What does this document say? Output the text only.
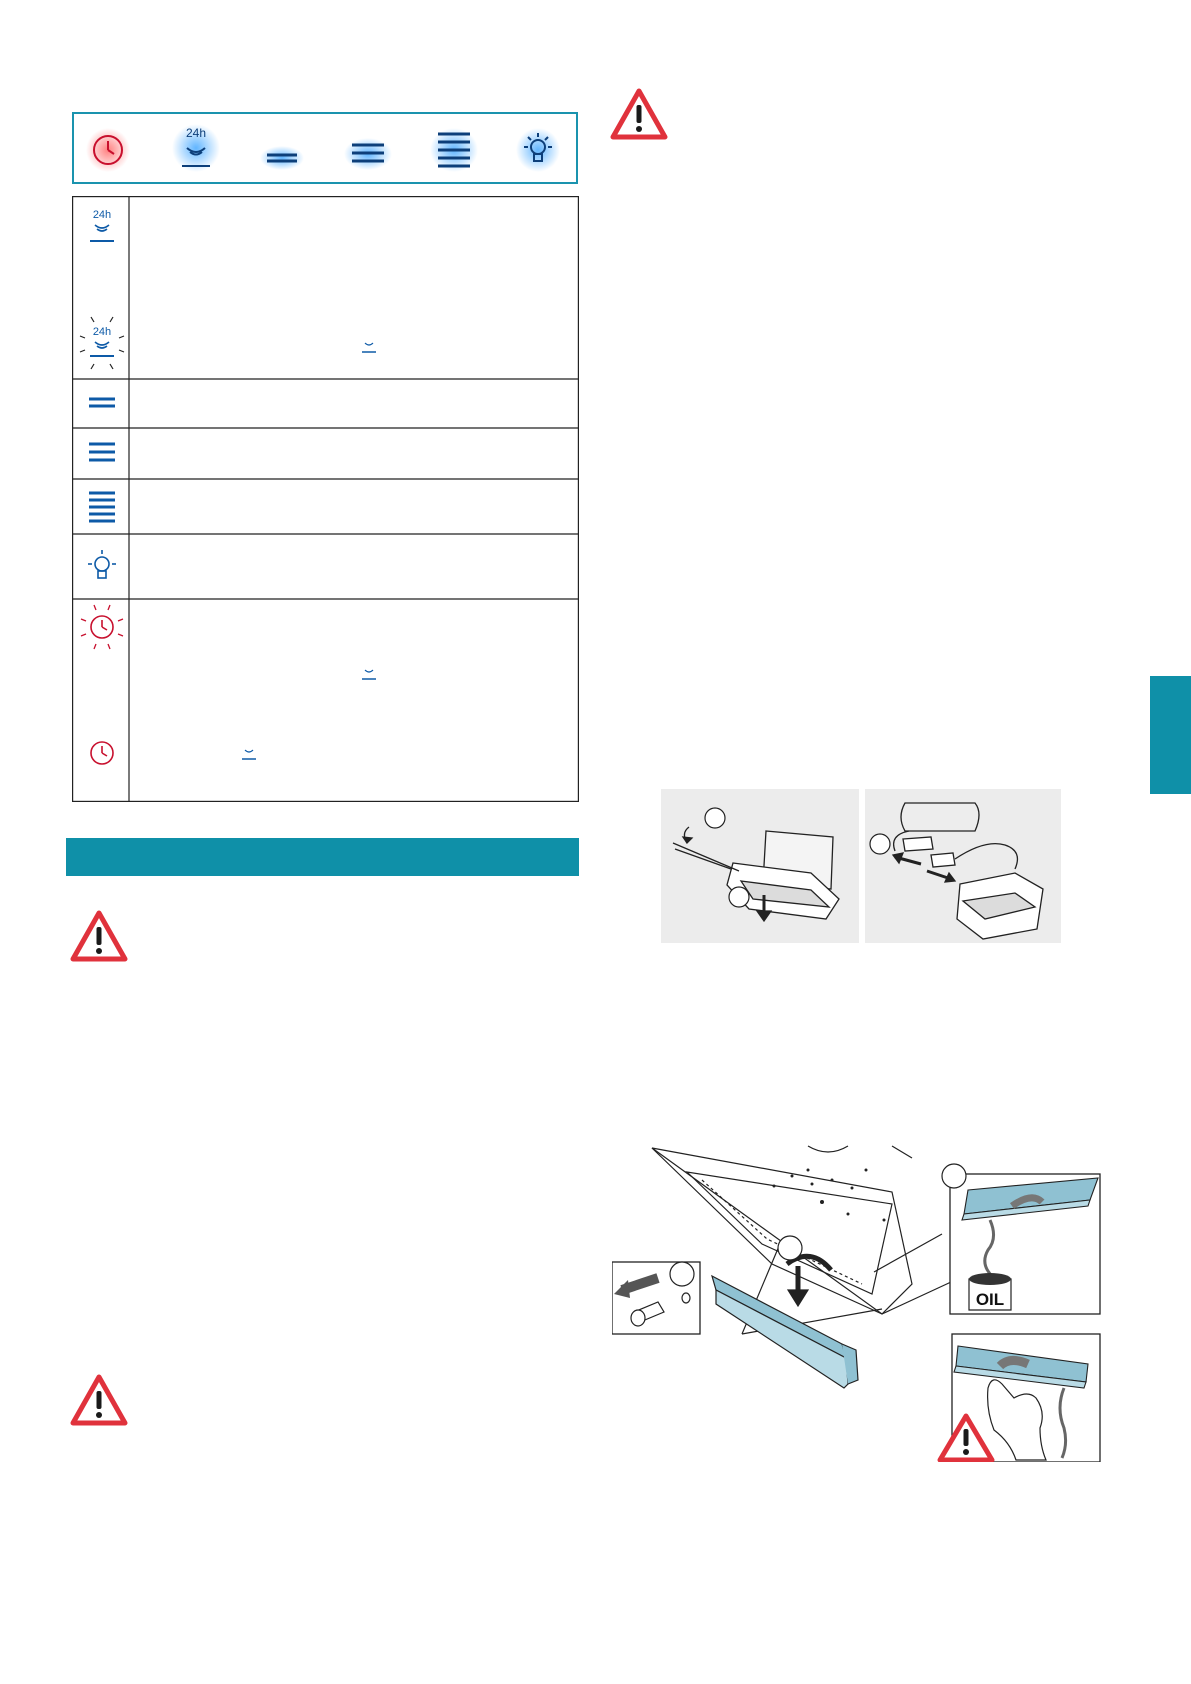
24h
24h
24h
OIL
